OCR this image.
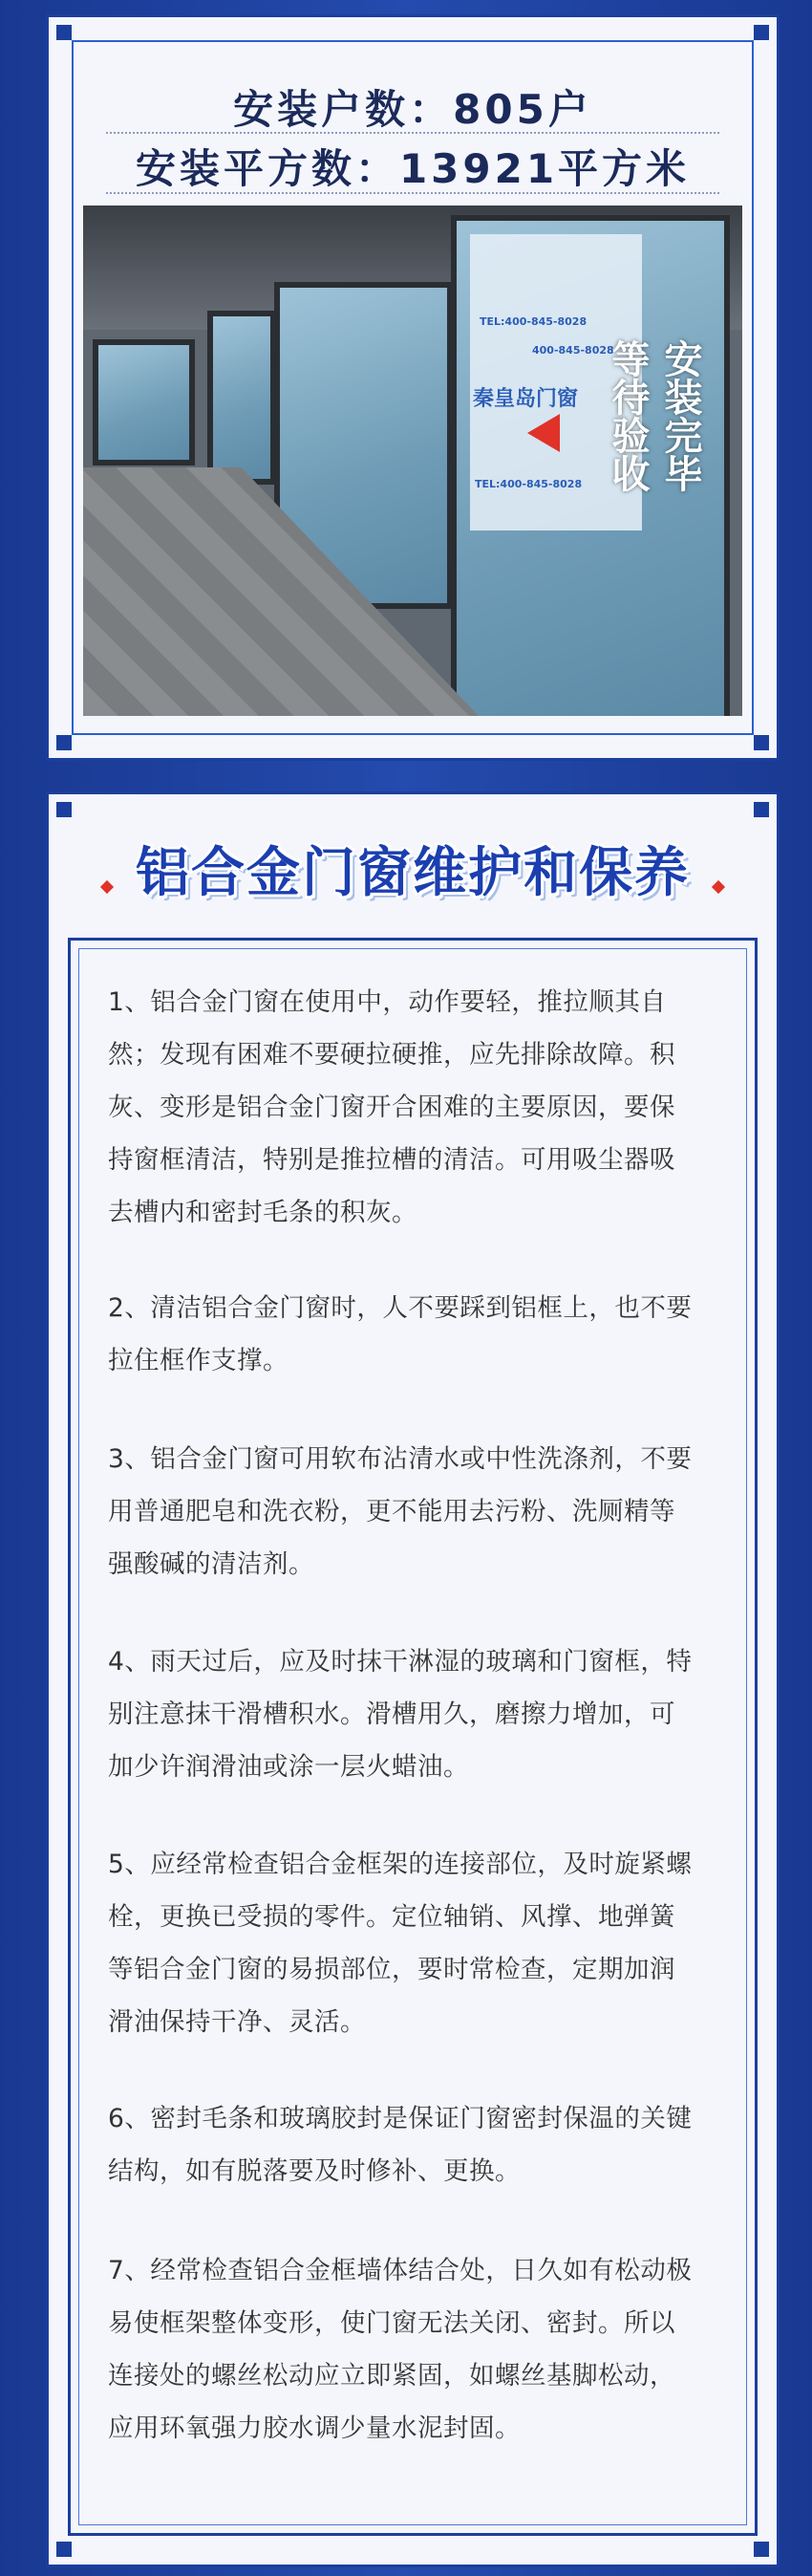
安装户数：805户
安装平方数：13921平方米
TEL:400-845-8028
400-845-8028
秦皇岛门窗
TEL:400-845-8028 安装完毕
等待验收
铝合金门窗维护和保养
1、铝合金门窗在使用中，动作要轻，推拉顺其自然；发现有困难不要硬拉硬推，应先排除故障。积灰、变形是铝合金门窗开合困难的主要原因，要保持窗框清洁，特别是推拉槽的清洁。可用吸尘器吸去槽内和密封毛条的积灰。
2、清洁铝合金门窗时，人不要踩到铝框上，也不要拉住框作支撑。
3、铝合金门窗可用软布沾清水或中性洗涤剂，不要用普通肥皂和洗衣粉，更不能用去污粉、洗厕精等强酸碱的清洁剂。
4、雨天过后，应及时抹干淋湿的玻璃和门窗框，特别注意抹干滑槽积水。滑槽用久，磨擦力增加，可加少许润滑油或涂一层火蜡油。
5、应经常检查铝合金框架的连接部位，及时旋紧螺栓，更换已受损的零件。定位轴销、风撑、地弹簧等铝合金门窗的易损部位，要时常检查，定期加润滑油保持干净、灵活。
6、密封毛条和玻璃胶封是保证门窗密封保温的关键结构，如有脱落要及时修补、更换。
7、经常检查铝合金框墙体结合处，日久如有松动极易使框架整体变形，使门窗无法关闭、密封。所以连接处的螺丝松动应立即紧固，如螺丝基脚松动，应用环氧强力胶水调少量水泥封固。
